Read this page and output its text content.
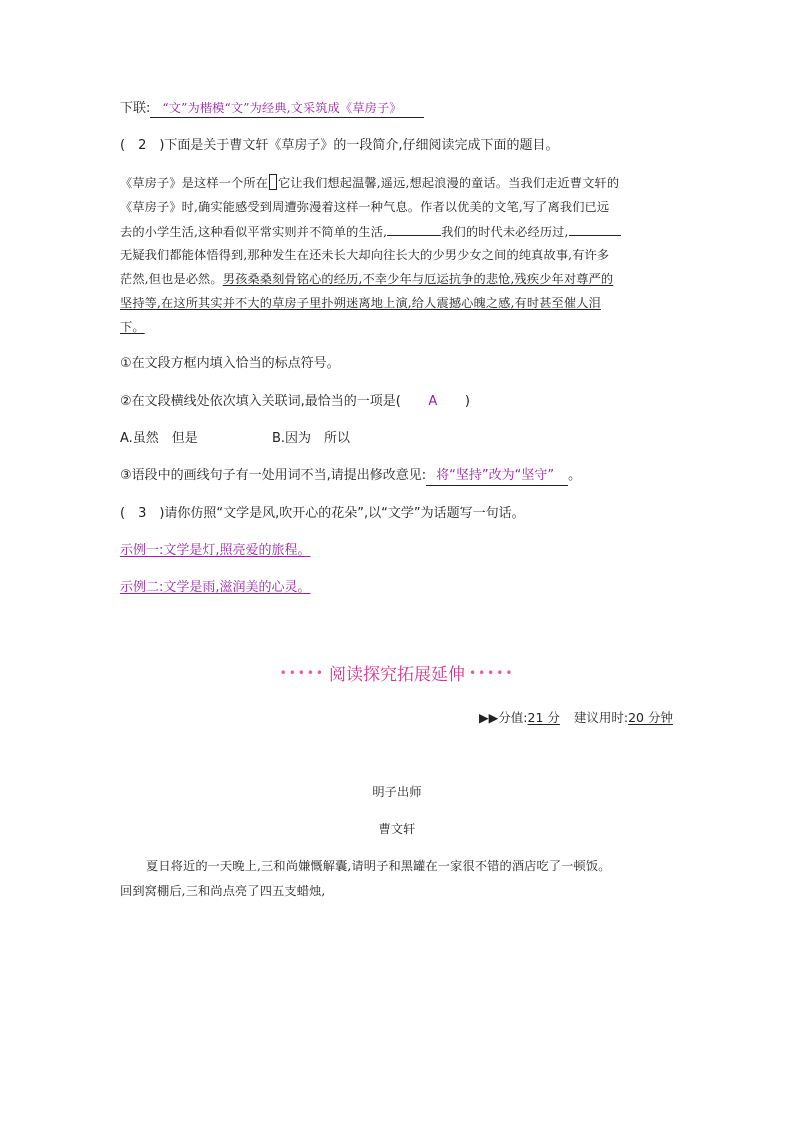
下联: “文”为楷模“文”为经典,文采筑成《草房子》
(　2　)下面是关于曹文轩《草房子》的一段简介,仔细阅读完成下面的题目。
《草房子》是这样一个所在 它让我们想起温馨,遥远,想起浪漫的童话。当我们走近曹文轩的
《草房子》时,确实能感受到周遭弥漫着这样一种气息。作者以优美的文笔,写了离我们已远
去的小学生活,这种看似平常实则并不简单的生活,	我们的时代未必经历过,
无疑我们都能体悟得到,那种发生在还未长大却向往长大的少男少女之间的纯真故事,有许多
茫然,但也是必然。男孩桑桑刻骨铭心的经历,不幸少年与厄运抗争的悲怆,残疾少年对尊严的
坚持等,在这所其实并不大的草房子里扑朔迷离地上演,给人震撼心魄之感,有时甚至催人泪
下。
①在文段方框内填入恰当的标点符号。
②在文段横线处依次填入关联词,最恰当的一项是( A )
A.虽然　但是	B.因为　所以
③语段中的画线句子有一处用词不当,请提出修改意见: 将“坚持”改为“坚守” 。
(　3　)请你仿照“文学是风,吹开心的花朵”,以“文学”为话题写一句话。
示例一:文学是灯,照亮爱的旅程。
示例二:文学是雨,滋润美的心灵。
••••• 阅读探究拓展延伸 •••••
▶▶分值:21 分 建议用时:20 分钟
明子出师
曹文轩
夏日将近的一天晚上,三和尚嫌慨解囊,请明子和黑罐在一家很不错的酒店吃了一顿饭。
回到窝棚后,三和尚点亮了四五支蜡烛,
